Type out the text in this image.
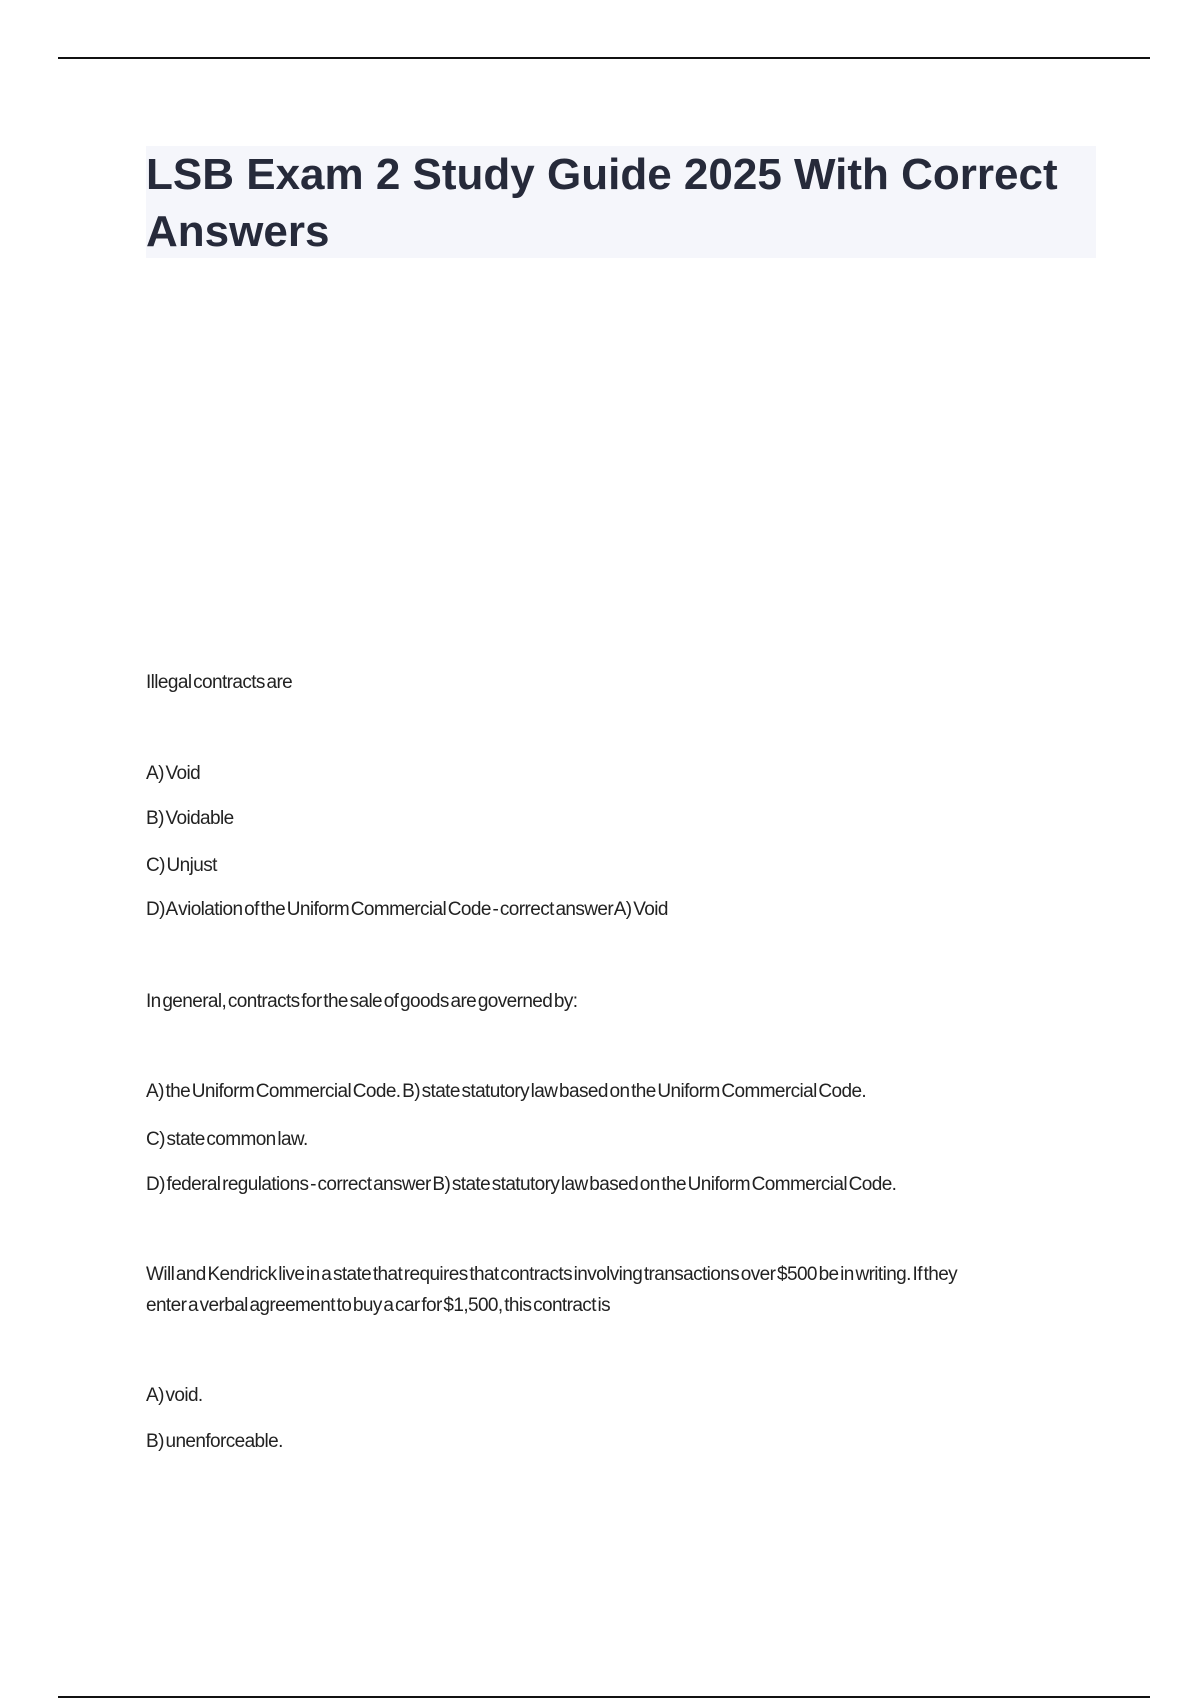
LSB Exam 2 Study Guide 2025 With Correct Answers
Illegal contracts are
A) Void
B) Voidable
C) Unjust
D) A violation of the Uniform Commercial Code - correct answer A) Void
In general, contracts for the sale of goods are governed by:
A) the Uniform Commercial Code. B) state statutory law based on the Uniform Commercial Code.
C) state common law.
D) federal regulations - correct answer B) state statutory law based on the Uniform Commercial Code.
Will and Kendrick live in a state that requires that contracts involving transactions over $500 be in writing. If they
enter a verbal agreement to buy a car for $1,500, this contract is
A) void.
B) unenforceable.
